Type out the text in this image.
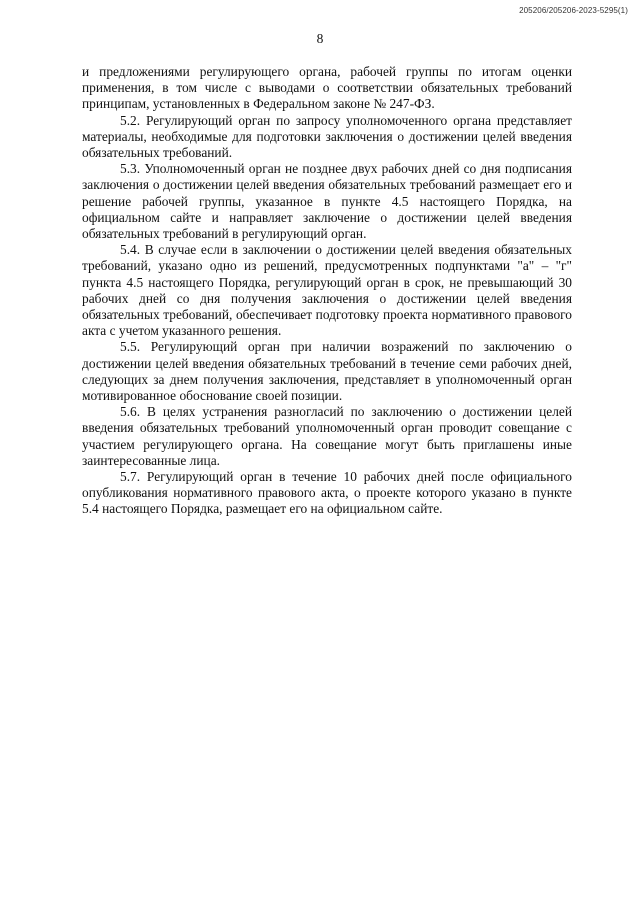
205206/205206-2023-5295(1)
8

и предложениями регулирующего органа, рабочей группы по итогам оценки применения, в том числе с выводами о соответствии обязательных требований принципам, установленных в Федеральном законе № 247-ФЗ.

5.2. Регулирующий орган по запросу уполномоченного органа представляет материалы, необходимые для подготовки заключения о достижении целей введения обязательных требований.

5.3. Уполномоченный орган не позднее двух рабочих дней со дня подписания заключения о достижении целей введения обязательных требований размещает его и решение рабочей группы, указанное в пункте 4.5 настоящего Порядка, на официальном сайте и направляет заключение о достижении целей введения обязательных требований в регулирующий орган.

5.4. В случае если в заключении о достижении целей введения обязательных требований, указано одно из решений, предусмотренных подпунктами "а" – "г" пункта 4.5 настоящего Порядка, регулирующий орган в срок, не превышающий 30 рабочих дней со дня получения заключения о достижении целей введения обязательных требований, обеспечивает подготовку проекта нормативного правового акта с учетом указанного решения.

5.5. Регулирующий орган при наличии возражений по заключению о достижении целей введения обязательных требований в течение семи рабочих дней, следующих за днем получения заключения, представляет в уполномоченный орган мотивированное обоснование своей позиции.

5.6. В целях устранения разногласий по заключению о достижении целей введения обязательных требований уполномоченный орган проводит совещание с участием регулирующего органа. На совещание могут быть приглашены иные заинтересованные лица.

5.7. Регулирующий орган в течение 10 рабочих дней после официального опубликования нормативного правового акта, о проекте которого указано в пункте 5.4 настоящего Порядка, размещает его на официальном сайте.
